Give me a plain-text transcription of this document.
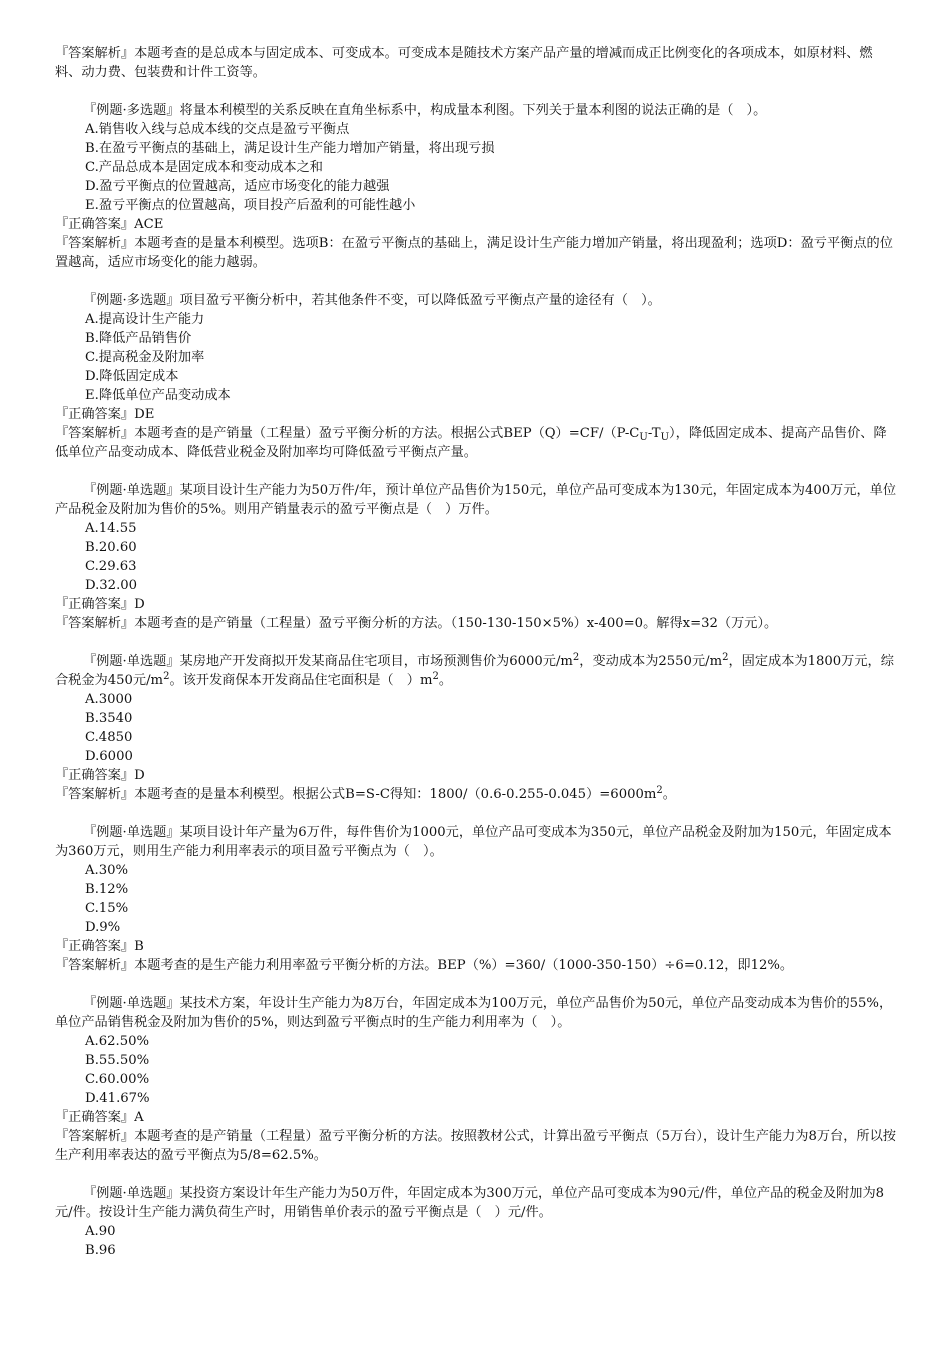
『答案解析』本题考查的是总成本与固定成本、可变成本。可变成本是随技术方案产品产量的增减而成正比例变化的各项成本，如原材料、燃料、动力费、包装费和计件工资等。

『例题·多选题』将量本利模型的关系反映在直角坐标系中，构成量本利图。下列关于量本利图的说法正确的是（　）。

A.销售收入线与总成本线的交点是盈亏平衡点

B.在盈亏平衡点的基础上，满足设计生产能力增加产销量，将出现亏损

C.产品总成本是固定成本和变动成本之和

D.盈亏平衡点的位置越高，适应市场变化的能力越强

E.盈亏平衡点的位置越高，项目投产后盈利的可能性越小

『正确答案』ACE

『答案解析』本题考查的是量本利模型。选项B：在盈亏平衡点的基础上，满足设计生产能力增加产销量，将出现盈利；选项D：盈亏平衡点的位置越高，适应市场变化的能力越弱。

『例题·多选题』项目盈亏平衡分析中，若其他条件不变，可以降低盈亏平衡点产量的途径有（　）。

A.提高设计生产能力

B.降低产品销售价

C.提高税金及附加率

D.降低固定成本

E.降低单位产品变动成本

『正确答案』DE

『答案解析』本题考查的是产销量（工程量）盈亏平衡分析的方法。根据公式$BEP(Q)=CF/(P-C_U-T_U)$，降低固定成本、提高产品售价、降低单位产品变动成本、降低营业税金及附加率均可降低盈亏平衡点产量。

『例题·单选题』某项目设计生产能力为50万件/年，预计单位产品售价为150元，单位产品可变成本为130元，年固定成本为400万元，单位产品税金及附加为售价的5%。则用产销量表示的盈亏平衡点是（　）万件。

A.14.55

B.20.60

C.29.63

D.32.00

『正确答案』D

『答案解析』本题考查的是产销量（工程量）盈亏平衡分析的方法。（150-130-150×5%）x-400=0。解得x=32（万元）。

『例题·单选题』某房地产开发商拟开发某商品住宅项目，市场预测售价为6000元$/m^2$，变动成本为2550元$/m^2$，固定成本为1800万元，综合税金为450元$/m^2$。该开发商保本开发商品住宅面积是（　）$m^2$。

A.3000

B.3540

C.4850

D.6000

『正确答案』D

『答案解析』本题考查的是量本利模型。根据公式B=S-C得知：$1800/(0.6-0.255-0.045)=6000m^2$。

『例题·单选题』某项目设计年产量为6万件，每件售价为1000元，单位产品可变成本为350元，单位产品税金及附加为150元，年固定成本为360万元，则用生产能力利用率表示的项目盈亏平衡点为（　）。

A.30%

B.12%

C.15%

D.9%

『正确答案』B

『答案解析』本题考查的是生产能力利用率盈亏平衡分析的方法。BEP（%）=360/（1000-350-150）÷6=0.12，即12%。

『例题·单选题』某技术方案，年设计生产能力为8万台，年固定成本为100万元，单位产品售价为50元，单位产品变动成本为售价的55%，单位产品销售税金及附加为售价的5%，则达到盈亏平衡点时的生产能力利用率为（　）。

A.62.50%

B.55.50%

C.60.00%

D.41.67%

『正确答案』A

『答案解析』本题考查的是产销量（工程量）盈亏平衡分析的方法。按照教材公式，计算出盈亏平衡点（5万台），设计生产能力为8万台，所以按生产利用率表达的盈亏平衡点为5/8=62.5%。

『例题·单选题』某投资方案设计年生产能力为50万件，年固定成本为300万元，单位产品可变成本为90元/件，单位产品的税金及附加为8元/件。按设计生产能力满负荷生产时，用销售单价表示的盈亏平衡点是（　）元/件。

A.90

B.96
